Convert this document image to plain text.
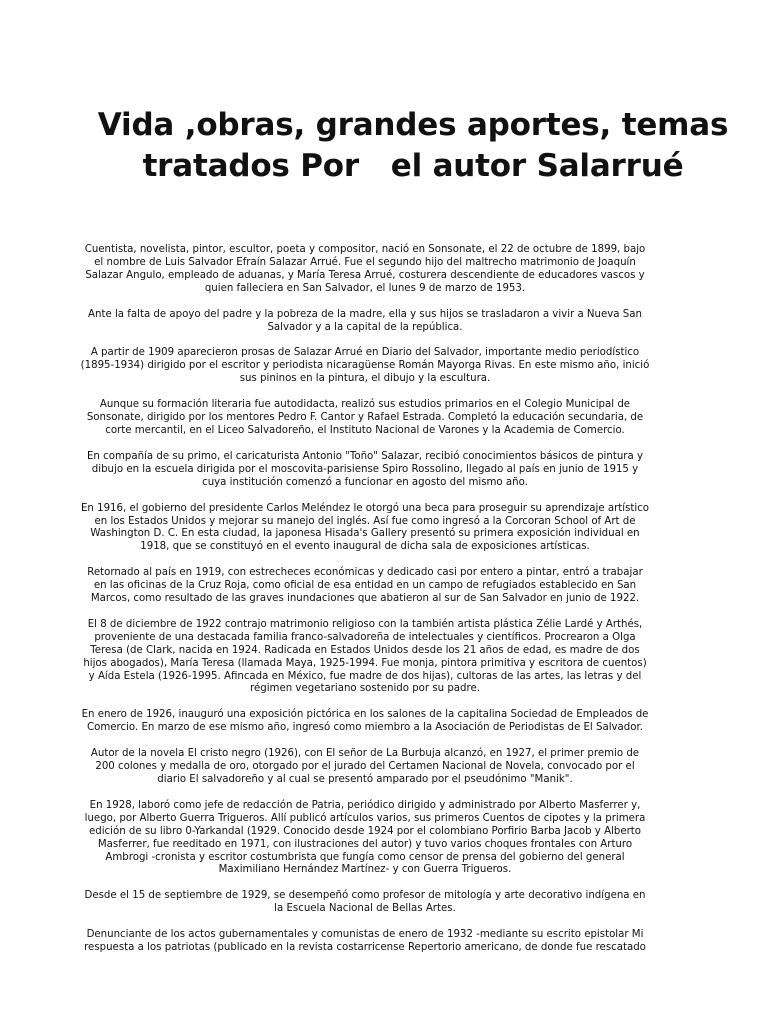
Vida ,obras, grandes aportes, temas
tratados Por   el autor Salarrué

Cuentista, novelista, pintor, escultor, poeta y compositor, nació en Sonsonate, el 22 de octubre de 1899, bajo el nombre de Luis Salvador Efraín Salazar Arrué. Fue el segundo hijo del maltrecho matrimonio de Joaquín Salazar Angulo, empleado de aduanas, y María Teresa Arrué, costurera descendiente de educadores vascos y quien falleciera en San Salvador, el lunes 9 de marzo de 1953.

Ante la falta de apoyo del padre y la pobreza de la madre, ella y sus hijos se trasladaron a vivir a Nueva San Salvador y a la capital de la república.

A partir de 1909 aparecieron prosas de Salazar Arrué en Diario del Salvador, importante medio periodístico (1895-1934) dirigido por el escritor y periodista nicaragüense Román Mayorga Rivas. En este mismo año, inició sus pininos en la pintura, el dibujo y la escultura.

Aunque su formación literaria fue autodidacta, realizó sus estudios primarios en el Colegio Municipal de Sonsonate, dirigido por los mentores Pedro F. Cantor y Rafael Estrada. Completó la educación secundaria, de corte mercantil, en el Liceo Salvadoreño, el Instituto Nacional de Varones y la Academia de Comercio.

En compañía de su primo, el caricaturista Antonio "Toño" Salazar, recibió conocimientos básicos de pintura y dibujo en la escuela dirigida por el moscovita-parisiense Spiro Rossolino, llegado al país en junio de 1915 y cuya institución comenzó a funcionar en agosto del mismo año.

En 1916, el gobierno del presidente Carlos Meléndez le otorgó una beca para proseguir su aprendizaje artístico en los Estados Unidos y mejorar su manejo del inglés. Así fue como ingresó a la Corcoran School of Art de Washington D. C. En esta ciudad, la japonesa Hisada's Gallery presentó su primera exposición individual en 1918, que se constituyó en el evento inaugural de dicha sala de exposiciones artísticas.

Retornado al país en 1919, con estrecheces económicas y dedicado casi por entero a pintar, entró a trabajar en las oficinas de la Cruz Roja, como oficial de esa entidad en un campo de refugiados establecido en San Marcos, como resultado de las graves inundaciones que abatieron al sur de San Salvador en junio de 1922.

El 8 de diciembre de 1922 contrajo matrimonio religioso con la también artista plástica Zélie Lardé y Arthés, proveniente de una destacada familia franco-salvadoreña de intelectuales y científicos. Procrearon a Olga Teresa (de Clark, nacida en 1924. Radicada en Estados Unidos desde los 21 años de edad, es madre de dos hijos abogados), María Teresa (llamada Maya, 1925-1994. Fue monja, pintora primitiva y escritora de cuentos) y Aída Estela (1926-1995. Afincada en México, fue madre de dos hijas), cultoras de las artes, las letras y del régimen vegetariano sostenido por su padre.

En enero de 1926, inauguró una exposición pictórica en los salones de la capitalina Sociedad de Empleados de Comercio. En marzo de ese mismo año, ingresó como miembro a la Asociación de Periodistas de El Salvador.

Autor de la novela El cristo negro (1926), con El señor de La Burbuja alcanzó, en 1927, el primer premio de 200 colones y medalla de oro, otorgado por el jurado del Certamen Nacional de Novela, convocado por el diario El salvadoreño y al cual se presentó amparado por el pseudónimo "Manik".

En 1928, laboró como jefe de redacción de Patria, periódico dirigido y administrado por Alberto Masferrer y, luego, por Alberto Guerra Trigueros. Allí publicó artículos varios, sus primeros Cuentos de cipotes y la primera edición de su libro 0-Yarkandal (1929. Conocido desde 1924 por el colombiano Porfirio Barba Jacob y Alberto Masferrer, fue reeditado en 1971, con ilustraciones del autor) y tuvo varios choques frontales con Arturo Ambrogi -cronista y escritor costumbrista que fungía como censor de prensa del gobierno del general Maximiliano Hernández Martínez- y con Guerra Trigueros.

Desde el 15 de septiembre de 1929, se desempeñó como profesor de mitología y arte decorativo indígena en la Escuela Nacional de Bellas Artes.

Denunciante de los actos gubernamentales y comunistas de enero de 1932 -mediante su escrito epistolar Mi respuesta a los patriotas (publicado en la revista costarricense Repertorio americano, de donde fue rescatado
